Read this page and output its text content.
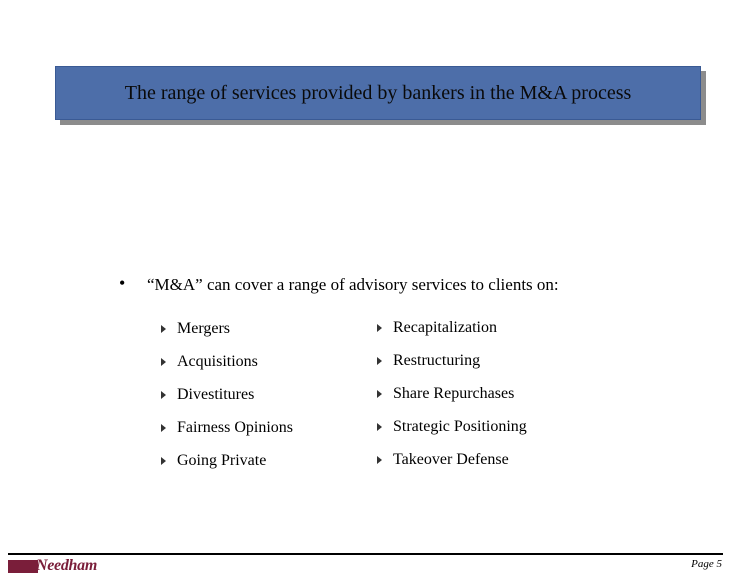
The range of services provided by bankers in the M&A process
• “M&A” can cover a range of advisory services to clients on:
Mergers
Acquisitions
Divestitures
Fairness Opinions
Going Private
Recapitalization
Restructuring
Share Repurchases
Strategic Positioning
Takeover Defense
Needham	Page 5
